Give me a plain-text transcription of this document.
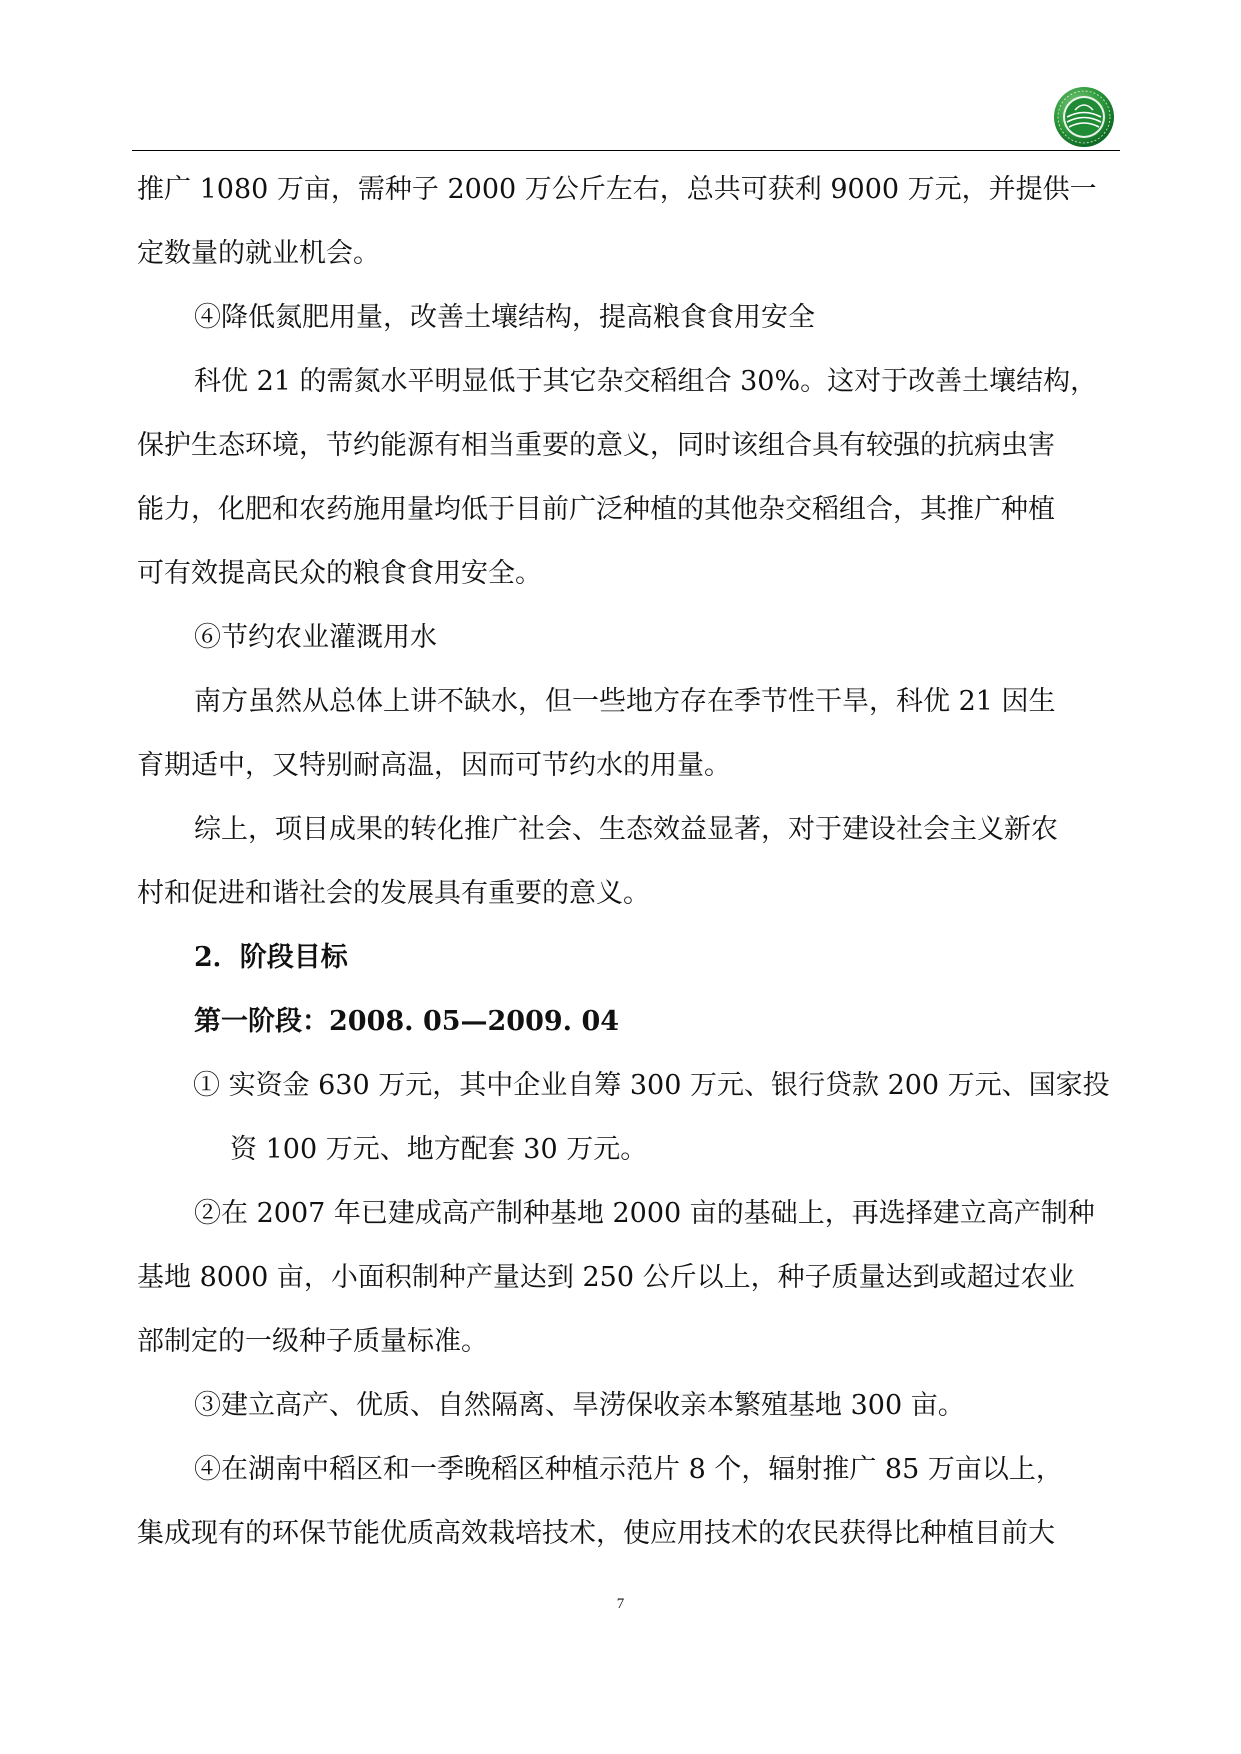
推广 1080 万亩，需种子 2000 万公斤左右，总共可获利 9000 万元，并提供一
定数量的就业机会。

④降低氮肥用量，改善土壤结构，提高粮食食用安全

科优 21 的需氮水平明显低于其它杂交稻组合 30%。这对于改善土壤结构，
保护生态环境，节约能源有相当重要的意义，同时该组合具有较强的抗病虫害
能力，化肥和农药施用量均低于目前广泛种植的其他杂交稻组合，其推广种植
可有效提高民众的粮食食用安全。

⑥节约农业灌溉用水

南方虽然从总体上讲不缺水，但一些地方存在季节性干旱，科优 21 因生
育期适中，又特别耐高温，因而可节约水的用量。

综上，项目成果的转化推广社会、生态效益显著，对于建设社会主义新农
村和促进和谐社会的发展具有重要的意义。

2．阶段目标

第一阶段：2008. 05—2009. 04

① 实资金 630 万元，其中企业自筹 300 万元、银行贷款 200 万元、国家投
资 100 万元、地方配套 30 万元。

②在 2007 年已建成高产制种基地 2000 亩的基础上，再选择建立高产制种
基地 8000 亩，小面积制种产量达到 250 公斤以上，种子质量达到或超过农业
部制定的一级种子质量标准。

③建立高产、优质、自然隔离、旱涝保收亲本繁殖基地 300 亩。

④在湖南中稻区和一季晚稻区种植示范片 8 个，辐射推广 85 万亩以上，
集成现有的环保节能优质高效栽培技术，使应用技术的农民获得比种植目前大

7
